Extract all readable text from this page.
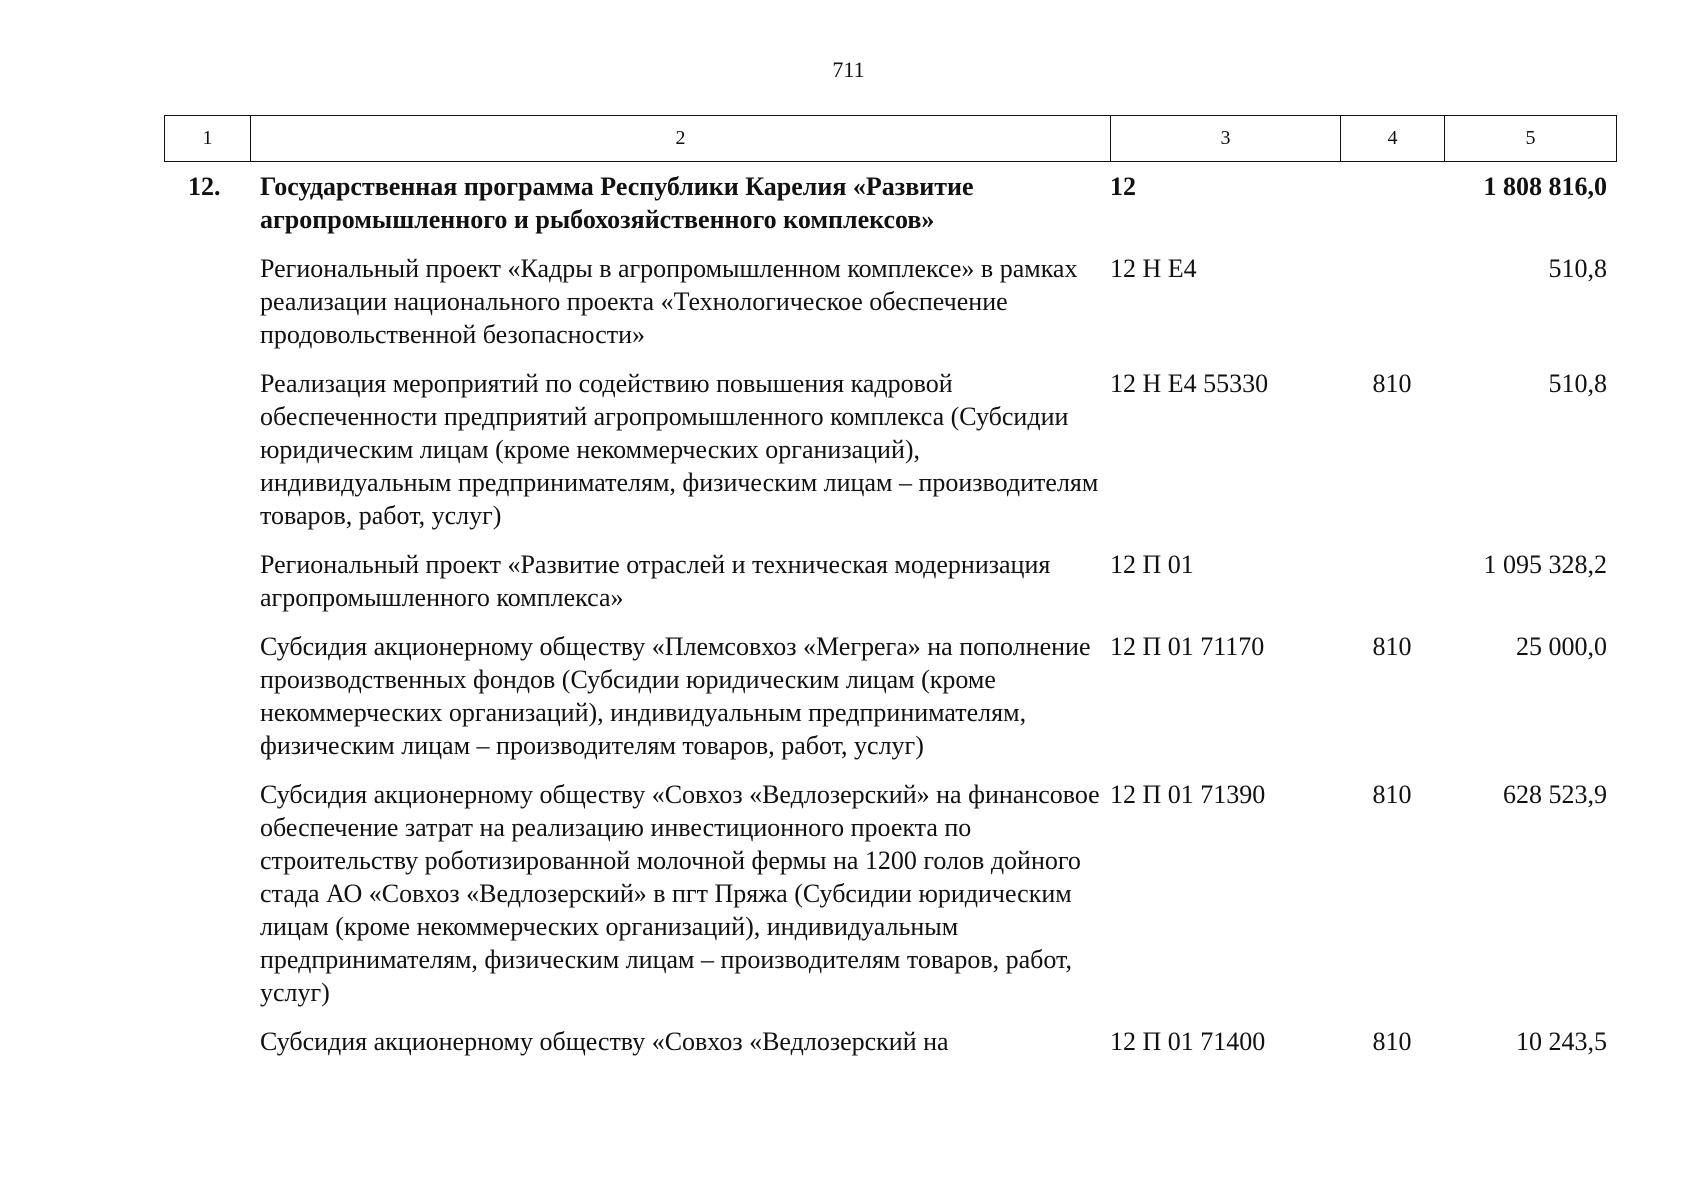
711
1	2	3	4	5
12.	Государственная программа Республики Карелия «Развитие агропромышленного и рыбохозяйственного комплексов»	12		1 808 816,0
	Региональный проект «Кадры в агропромышленном комплексе» в рамках реализации национального проекта «Технологическое обеспечение продовольственной безопасности»	12 Н Е4		510,8
	Реализация мероприятий по содействию повышения кадровой обеспеченности предприятий агропромышленного комплекса (Субсидии юридическим лицам (кроме некоммерческих организаций), индивидуальным предпринимателям, физическим лицам – производителям товаров, работ, услуг)	12 Н Е4 55330	810	510,8
	Региональный проект «Развитие отраслей и техническая модернизация агропромышленного комплекса»	12 П 01		1 095 328,2
	Субсидия акционерному обществу «Племсовхоз «Мегрега» на пополнение производственных фондов (Субсидии юридическим лицам (кроме некоммерческих организаций), индивидуальным предпринимателям, физическим лицам – производителям товаров, работ, услуг)	12 П 01 71170	810	25 000,0
	Субсидия акционерному обществу «Совхоз «Ведлозерский» на финансовое обеспечение затрат на реализацию инвестиционного проекта по строительству роботизированной молочной фермы на 1200 голов дойного стада АО «Совхоз «Ведлозерский» в пгт Пряжа (Субсидии юридическим лицам (кроме некоммерческих организаций), индивидуальным предпринимателям, физическим лицам – производителям товаров, работ, услуг)	12 П 01 71390	810	628 523,9
	Субсидия акционерному обществу «Совхоз «Ведлозерский на	12 П 01 71400	810	10 243,5
